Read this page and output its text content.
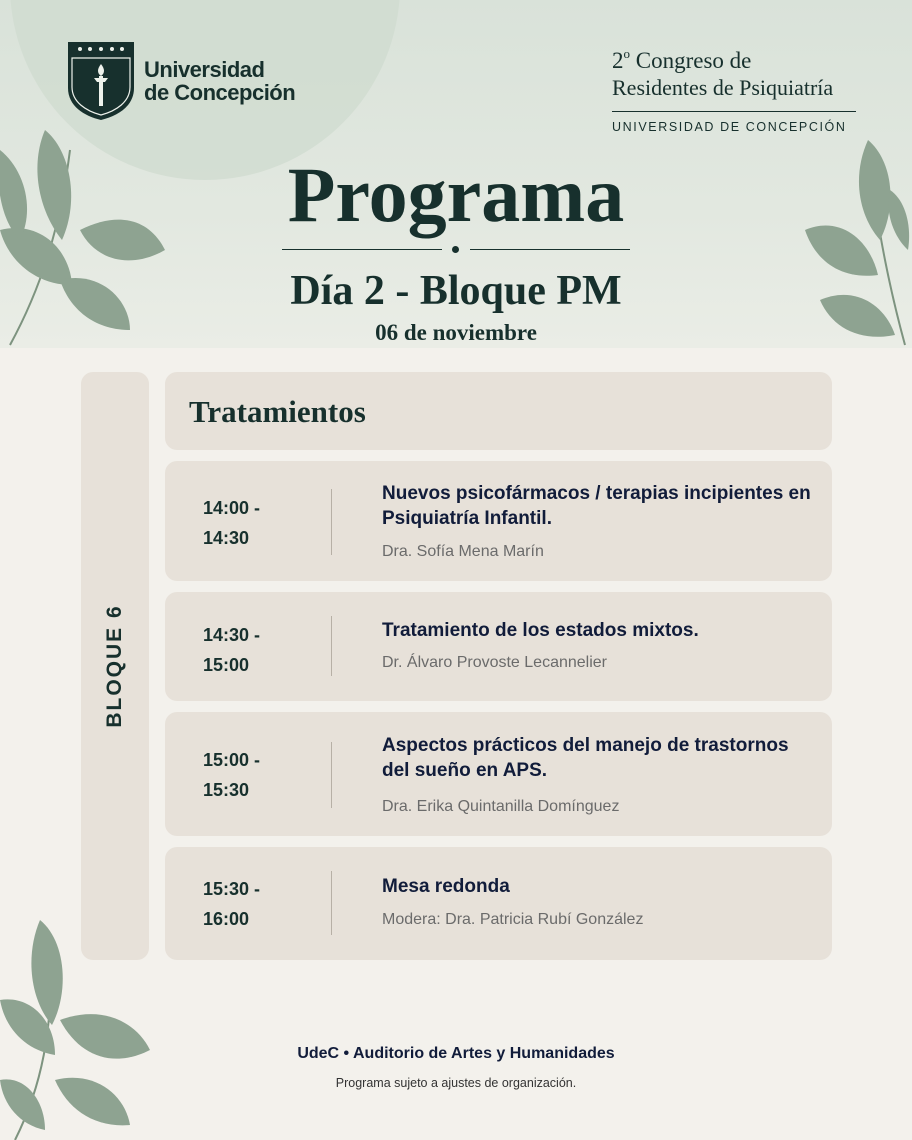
Universidad
de Concepción
2$^o$ Congreso de
Residentes de Psiquiatría
UNIVERSIDAD DE CONCEPCIÓN
Programa
Día 2 - Bloque PM
06 de noviembre
BLOQUE 6
Tratamientos
14:00 -
14:30
Nuevos psicofármacos / terapias incipientes en Psiquiatría Infantil.
Dra. Sofía Mena Marín
14:30 -
15:00
Tratamiento de los estados mixtos.
Dr. Álvaro Provoste Lecannelier
15:00 -
15:30
Aspectos prácticos del manejo de trastornos del sueño en APS.
Dra. Erika Quintanilla Domínguez
15:30 -
16:00
Mesa redonda
Modera: Dra. Patricia Rubí González
UdeC • Auditorio de Artes y Humanidades
Programa sujeto a ajustes de organización.
